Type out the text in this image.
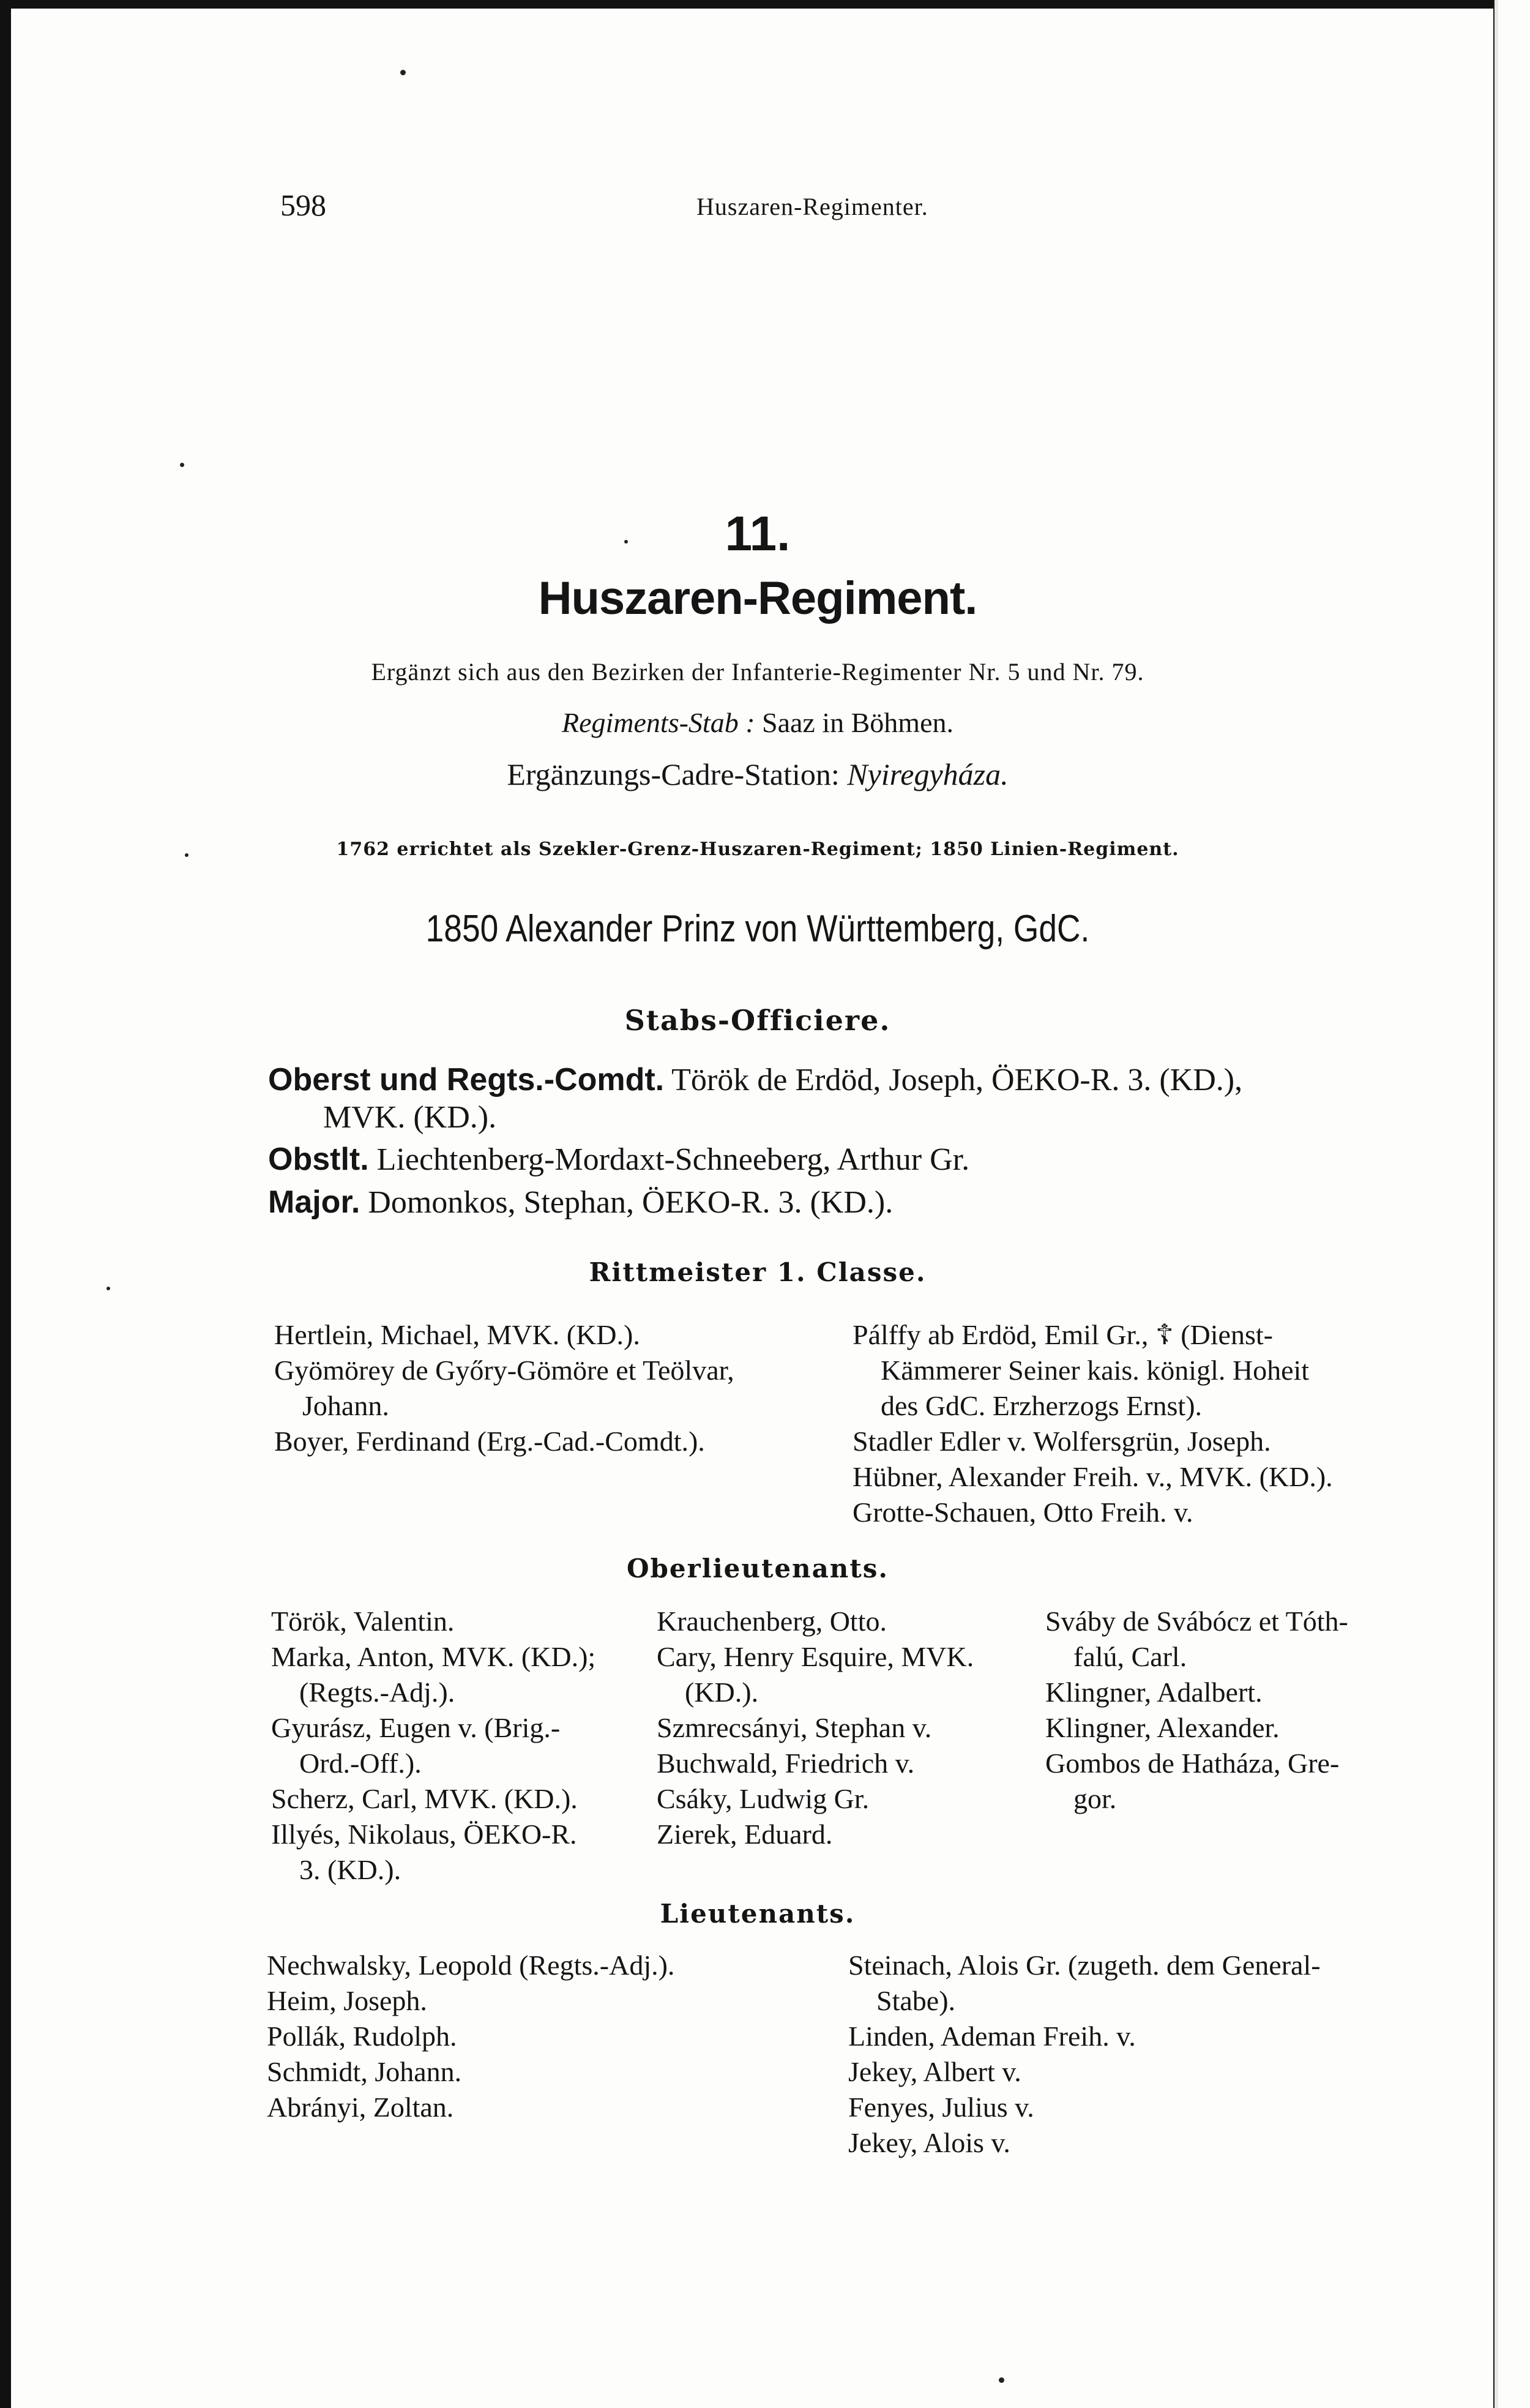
598	Huszaren-Regimenter.
11.
Huszaren-Regiment.
Ergänzt sich aus den Bezirken der Infanterie-Regimenter Nr. 5 und Nr. 79.
Regiments-Stab : Saaz in Böhmen.
Ergänzungs-Cadre-Station: Nyiregyháza.
1762 errichtet als Szekler-Grenz-Huszaren-Regiment; 1850 Linien-Regiment.
1850 Alexander Prinz von Württemberg, GdC.
Stabs-Officiere.
Oberst und Regts.-Comdt. Török de Erdöd, Joseph, ÖEKO-R. 3. (KD.),
MVK. (KD.).
Obstlt. Liechtenberg-Mordaxt-Schneeberg, Arthur Gr.
Major. Domonkos, Stephan, ÖEKO-R. 3. (KD.).
Rittmeister 1. Classe.
Hertlein, Michael, MVK. (KD.).
Gyömörey de Győry-Gömöre et Teölvar,
Johann.
Boyer, Ferdinand (Erg.-Cad.-Comdt.).
Pálffy ab Erdöd, Emil Gr., ☦ (Dienst-
Kämmerer Seiner kais. königl. Hoheit
des GdC. Erzherzogs Ernst).
Stadler Edler v. Wolfersgrün, Joseph.
Hübner, Alexander Freih. v., MVK. (KD.).
Grotte-Schauen, Otto Freih. v.
Oberlieutenants.
Török, Valentin.
Marka, Anton, MVK. (KD.);
(Regts.-Adj.).
Gyurász, Eugen v. (Brig.-
Ord.-Off.).
Scherz, Carl, MVK. (KD.).
Illyés, Nikolaus, ÖEKO-R.
3. (KD.).
Krauchenberg, Otto.
Cary, Henry Esquire, MVK.
(KD.).
Szmrecsányi, Stephan v.
Buchwald, Friedrich v.
Csáky, Ludwig Gr.
Zierek, Eduard.
Sváby de Svábócz et Tóth-
falú, Carl.
Klingner, Adalbert.
Klingner, Alexander.
Gombos de Hatháza, Gre-
gor.
Lieutenants.
Nechwalsky, Leopold (Regts.-Adj.).
Heim, Joseph.
Pollák, Rudolph.
Schmidt, Johann.
Abrányi, Zoltan.
Steinach, Alois Gr. (zugeth. dem General-
Stabe).
Linden, Ademan Freih. v.
Jekey, Albert v.
Fenyes, Julius v.
Jekey, Alois v.
